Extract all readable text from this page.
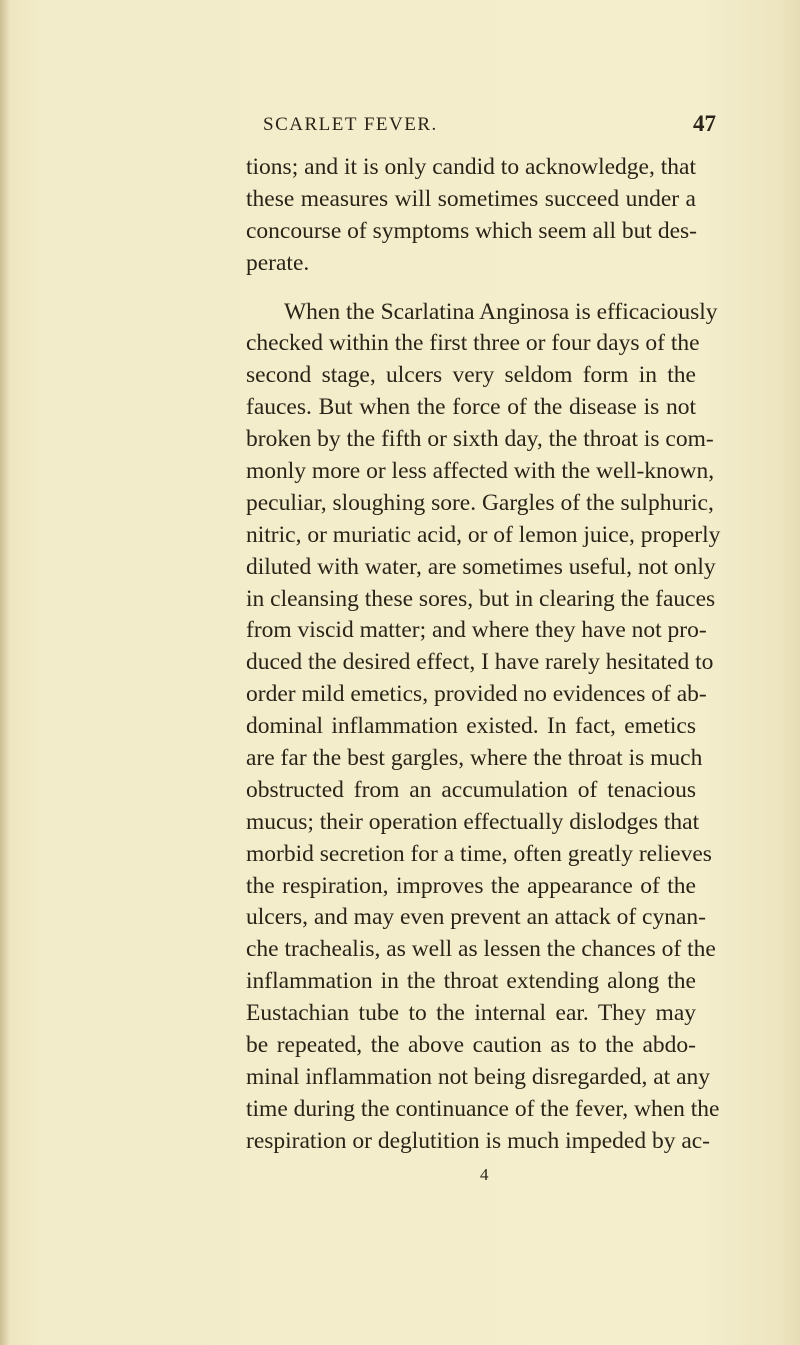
SCARLET FEVER.	47
tions; and it is only candid to acknowledge, that
these measures will sometimes succeed under a
concourse of symptoms which seem all but des-
perate.
When the Scarlatina Anginosa is efficaciously
checked within the first three or four days of the
second stage, ulcers very seldom form in the
fauces. But when the force of the disease is not
broken by the fifth or sixth day, the throat is com-
monly more or less affected with the well-known,
peculiar, sloughing sore. Gargles of the sulphuric,
nitric, or muriatic acid, or of lemon juice, properly
diluted with water, are sometimes useful, not only
in cleansing these sores, but in clearing the fauces
from viscid matter; and where they have not pro-
duced the desired effect, I have rarely hesitated to
order mild emetics, provided no evidences of ab-
dominal inflammation existed. In fact, emetics
are far the best gargles, where the throat is much
obstructed from an accumulation of tenacious
mucus; their operation effectually dislodges that
morbid secretion for a time, often greatly relieves
the respiration, improves the appearance of the
ulcers, and may even prevent an attack of cynan-
che trachealis, as well as lessen the chances of the
inflammation in the throat extending along the
Eustachian tube to the internal ear. They may
be repeated, the above caution as to the abdo-
minal inflammation not being disregarded, at any
time during the continuance of the fever, when the
respiration or deglutition is much impeded by ac-
4
